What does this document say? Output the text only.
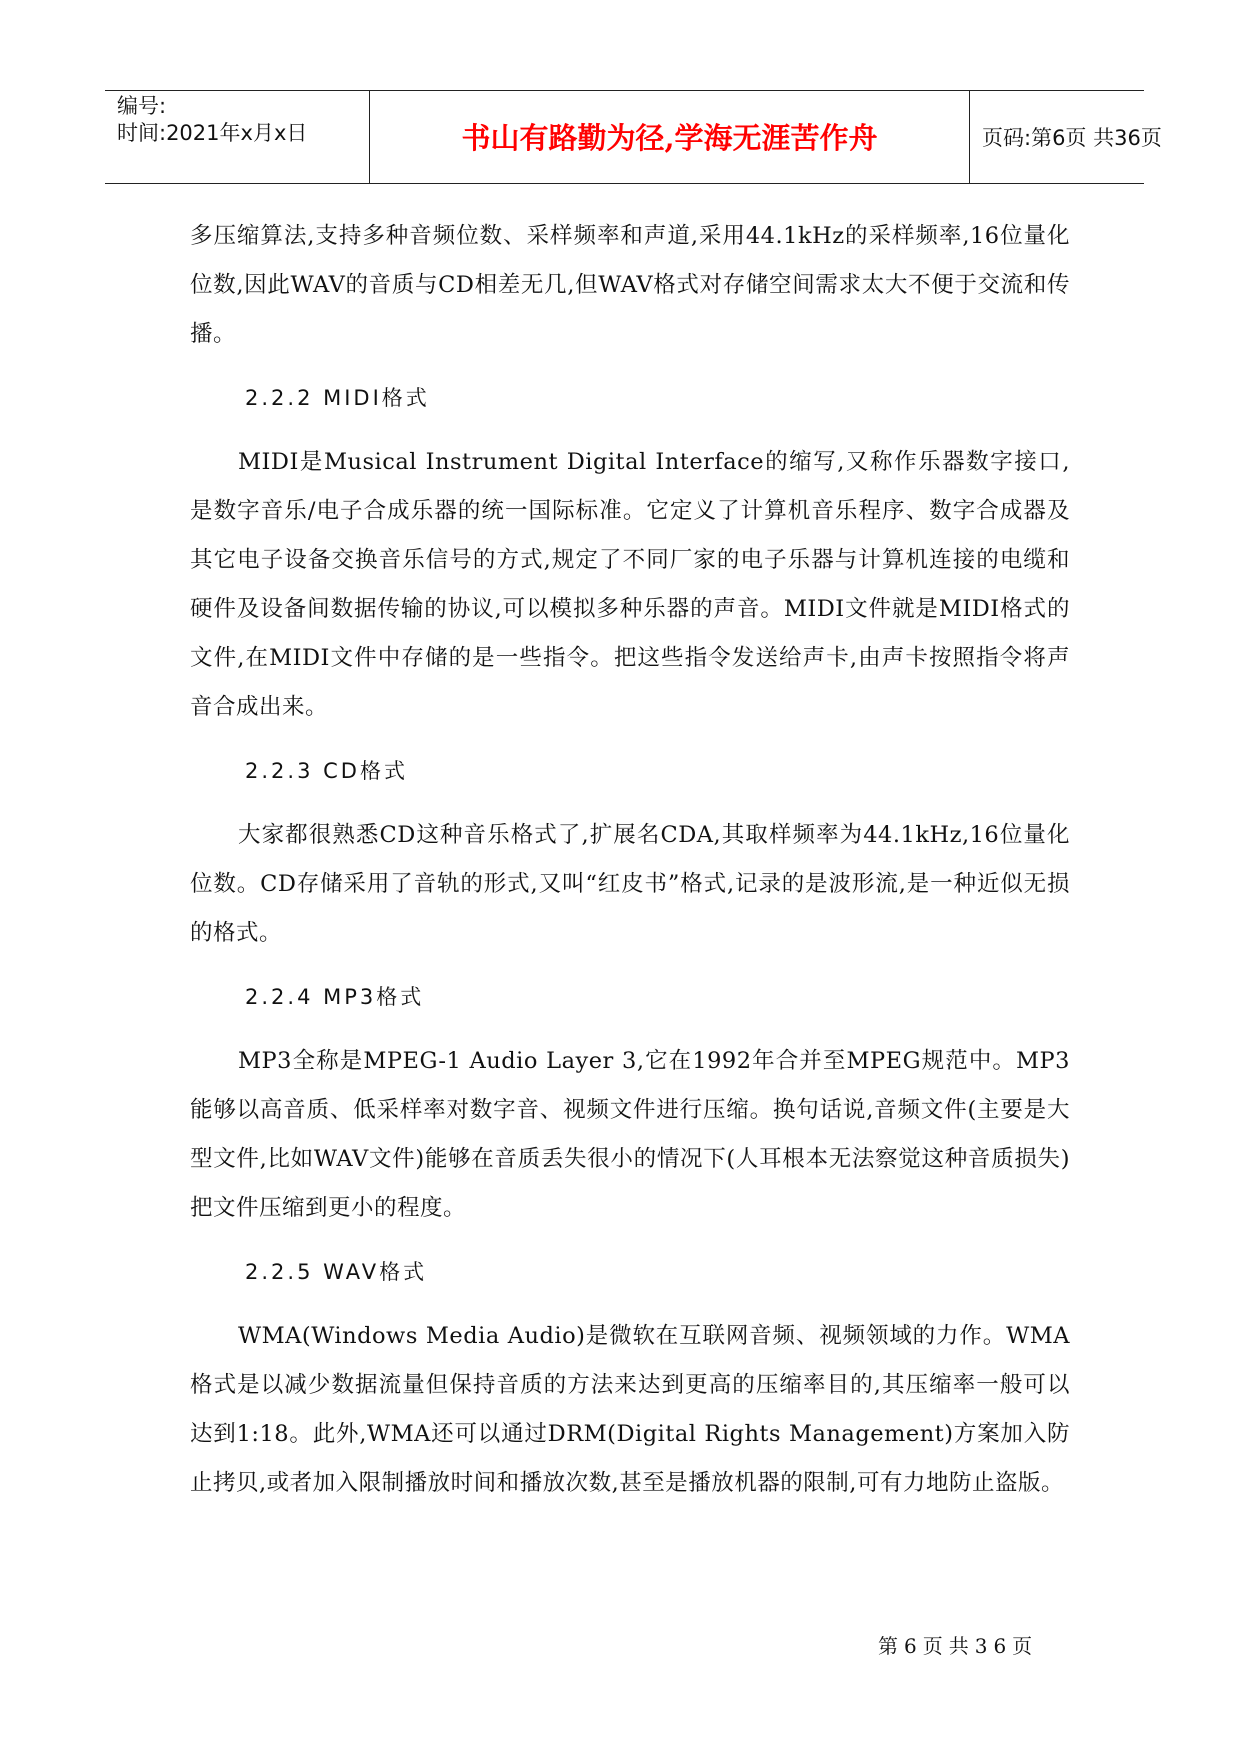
编号:
时间:2021年x月x日	书山有路勤为径,学海无涯苦作舟	页码:第6页 共36页

多压缩算法,支持多种音频位数、采样频率和声道,采用44.1kHz的采样频率,16位量化位数,因此WAV的音质与CD相差无几,但WAV格式对存储空间需求太大不便于交流和传播。

2.2.2 MIDI格式

MIDI是Musical Instrument Digital Interface的缩写,又称作乐器数字接口,是数字音乐/电子合成乐器的统一国际标准。它定义了计算机音乐程序、数字合成器及其它电子设备交换音乐信号的方式,规定了不同厂家的电子乐器与计算机连接的电缆和硬件及设备间数据传输的协议,可以模拟多种乐器的声音。MIDI文件就是MIDI格式的文件,在MIDI文件中存储的是一些指令。把这些指令发送给声卡,由声卡按照指令将声音合成出来。

2.2.3 CD格式

大家都很熟悉CD这种音乐格式了,扩展名CDA,其取样频率为44.1kHz,16位量化位数。CD存储采用了音轨的形式,又叫“红皮书”格式,记录的是波形流,是一种近似无损的格式。

2.2.4 MP3格式

MP3全称是MPEG-1 Audio Layer 3,它在1992年合并至MPEG规范中。MP3能够以高音质、低采样率对数字音、视频文件进行压缩。换句话说,音频文件(主要是大型文件,比如WAV文件)能够在音质丢失很小的情况下(人耳根本无法察觉这种音质损失)把文件压缩到更小的程度。

2.2.5 WAV格式

WMA(Windows Media Audio)是微软在互联网音频、视频领域的力作。WMA格式是以减少数据流量但保持音质的方法来达到更高的压缩率目的,其压缩率一般可以达到1:18。此外,WMA还可以通过DRM(Digital Rights Management)方案加入防止拷贝,或者加入限制播放时间和播放次数,甚至是播放机器的限制,可有力地防止盗版。

第6页共36页
